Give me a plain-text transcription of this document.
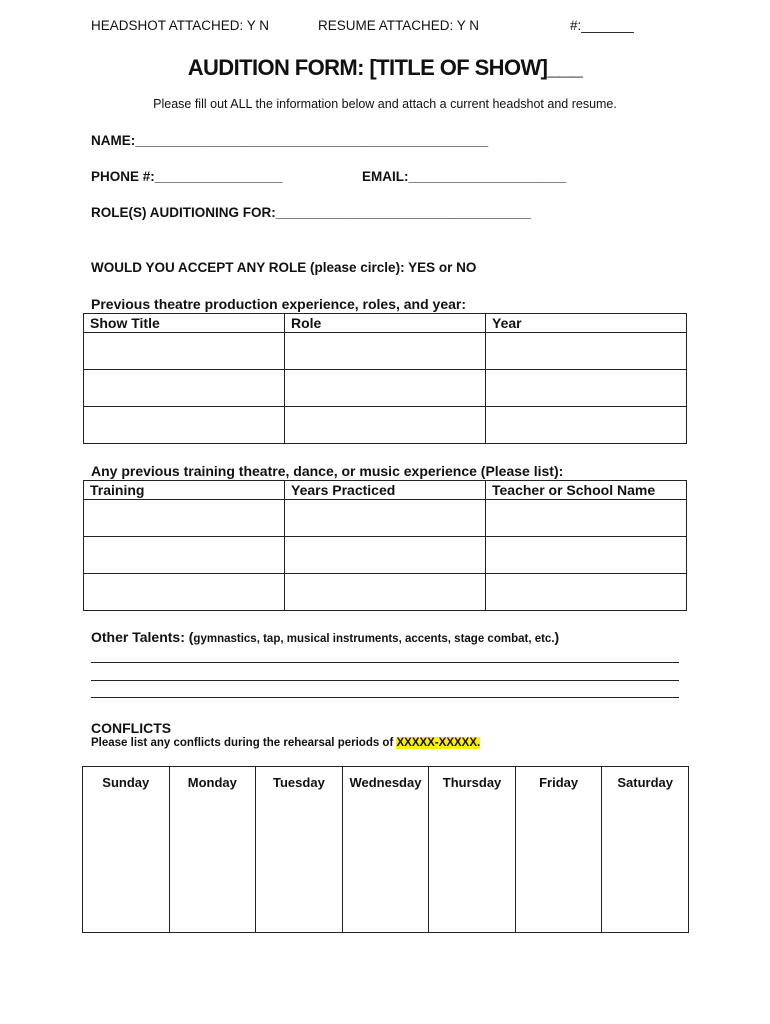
HEADSHOT ATTACHED: Y N	RESUME ATTACHED: Y N	#:_______
AUDITION FORM: [TITLE OF SHOW]___
Please fill out ALL the information below and attach a current headshot and resume.
NAME:_______________________________________________
PHONE #:_________________	EMAIL:_____________________
ROLE(S) AUDITIONING FOR:__________________________________
WOULD YOU ACCEPT ANY ROLE (please circle): YES or NO
Previous theatre production experience, roles, and year:
Show Title	Role	Year

Any previous training theatre, dance, or music experience (Please list):
Training	Years Practiced	Teacher or School Name

Other Talents: (gymnastics, tap, musical instruments, accents, stage combat, etc.)
CONFLICTS
Please list any conflicts during the rehearsal periods of XXXXX-XXXXX.
Sunday	Monday	Tuesday	Wednesday	Thursday	Friday	Saturday
